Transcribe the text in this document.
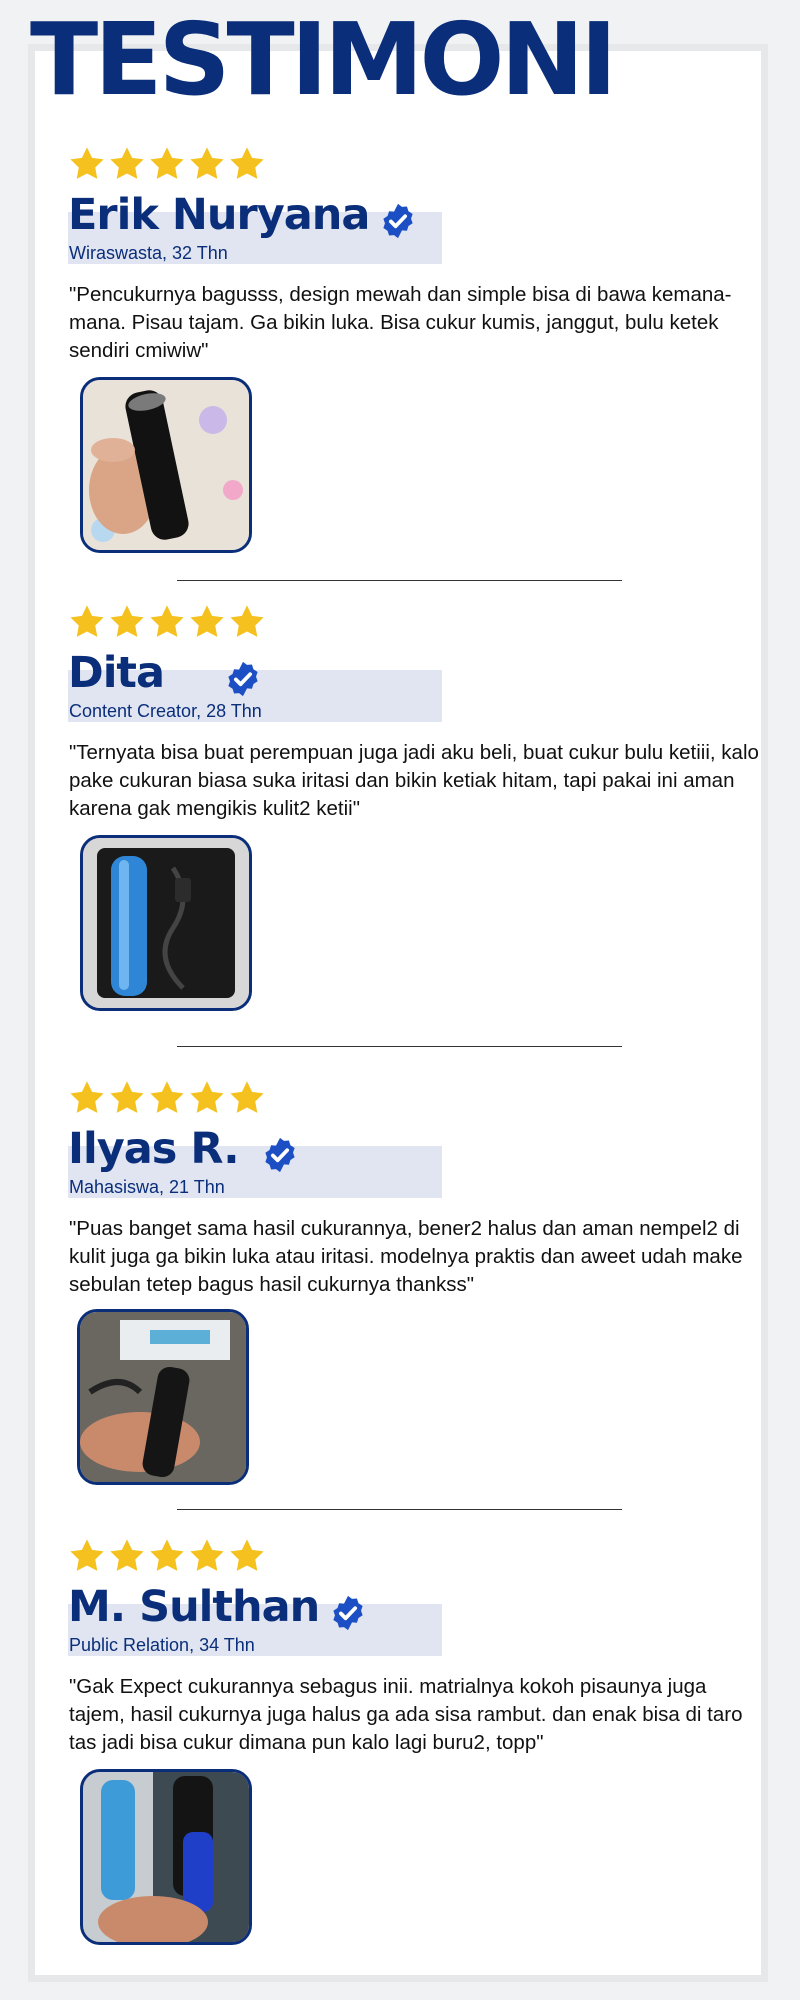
TESTIMONI
Erik Nuryana
Wiraswasta, 32 Thn

"Pencukurnya bagusss, design mewah dan simple bisa di bawa kemana-mana. Pisau tajam. Ga bikin luka. Bisa cukur kumis, janggut, bulu ketek sendiri cmiwiw"

Dita
Content Creator, 28 Thn

"Ternyata bisa buat perempuan juga jadi aku beli, buat cukur bulu ketiii, kalo pake cukuran biasa suka iritasi dan bikin ketiak hitam, tapi pakai ini aman karena gak mengikis kulit2 ketii"

Ilyas R.
Mahasiswa, 21 Thn

"Puas banget sama hasil cukurannya, bener2 halus dan aman nempel2 di kulit juga ga bikin luka atau iritasi. modelnya praktis dan aweet udah make sebulan tetep bagus hasil cukurnya thankss"

M. Sulthan
Public Relation, 34 Thn

"Gak Expect cukurannya sebagus inii. matrialnya kokoh pisaunya juga tajem, hasil cukurnya juga halus ga ada sisa rambut. dan enak bisa di taro tas jadi bisa cukur dimana pun kalo lagi buru2, topp"
